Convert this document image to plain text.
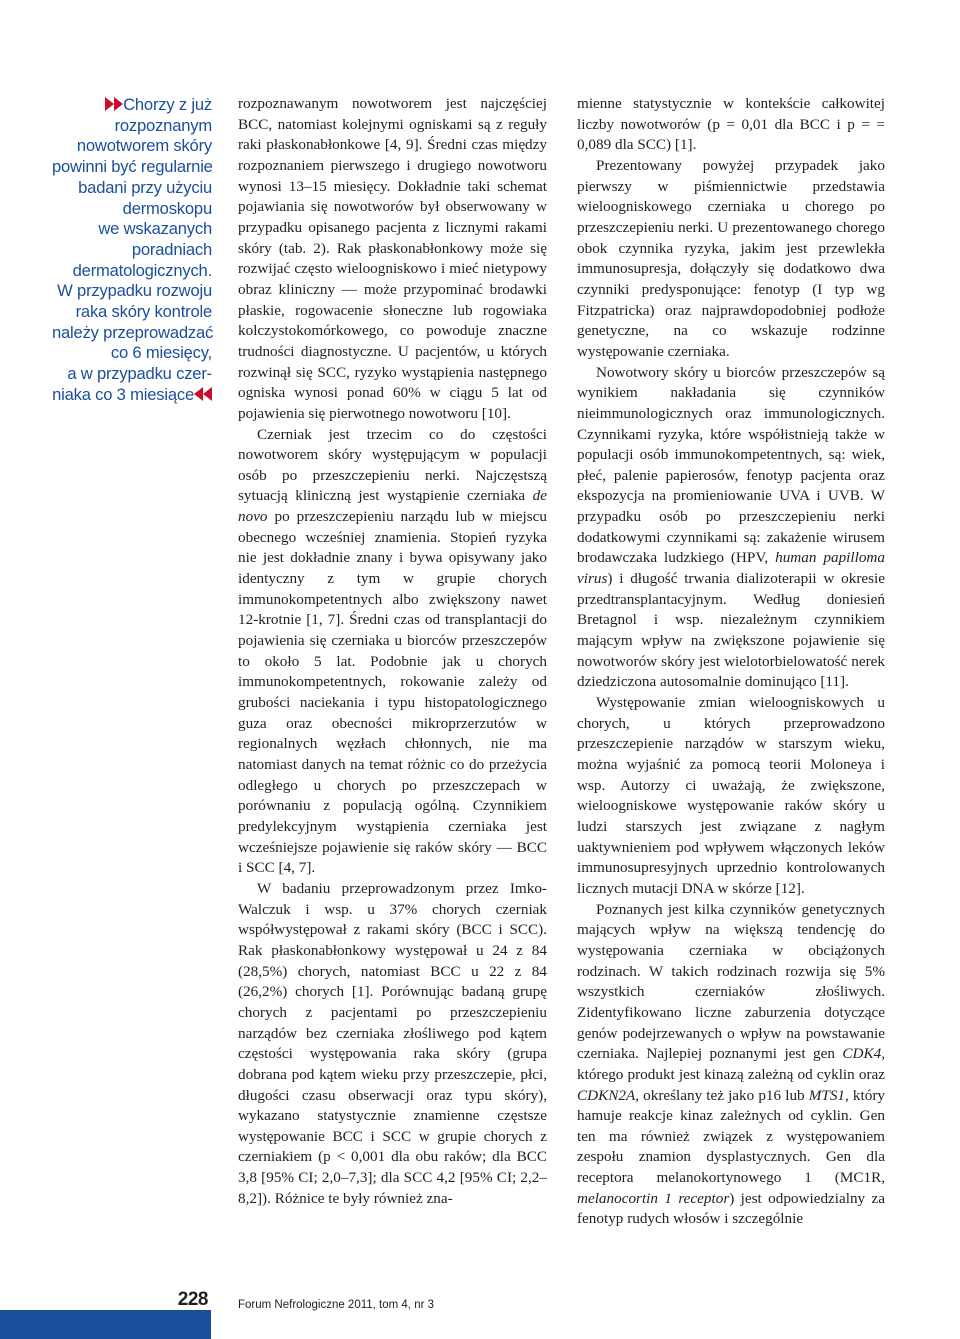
Chorzy z już
rozpoznanym
nowotworem skóry
powinni być regularnie
badani przy użyciu
dermoskopu
we wskazanych
poradniach
dermatologicznych.
W przypadku rozwoju
raka skóry kontrole
należy przeprowadzać
co 6 miesięcy,
a w przypadku czer-
niaka co 3 miesiące

rozpoznawanym nowotworem jest najczęściej BCC, natomiast kolejnymi ogniskami są z reguły raki płaskonabłonkowe [4, 9]. Średni czas między rozpoznaniem pierwszego i drugiego nowotworu wynosi 13–15 miesięcy. Dokładnie taki schemat pojawiania się nowotworów był obserwowany w przypadku opisanego pacjenta z licznymi rakami skóry (tab. 2). Rak płaskonabłonkowy może się rozwijać często wieloogniskowo i mieć nietypowy obraz kliniczny — może przypominać brodawki płaskie, rogowacenie słoneczne lub rogowiaka kolczystokomórkowego, co powoduje znaczne trudności diagnostyczne. U pacjentów, u których rozwinął się SCC, ryzyko wystąpienia następnego ogniska wynosi ponad 60% w ciągu 5 lat od pojawienia się pierwotnego nowotworu [10].

Czerniak jest trzecim co do częstości nowotworem skóry występującym w populacji osób po przeszczepieniu nerki. Najczęstszą sytuacją kliniczną jest wystąpienie czerniaka de novo po przeszczepieniu narządu lub w miejscu obecnego wcześniej znamienia. Stopień ryzyka nie jest dokładnie znany i bywa opisywany jako identyczny z tym w grupie chorych immunokompetentnych albo zwiększony nawet 12-krotnie [1, 7]. Średni czas od transplantacji do pojawienia się czerniaka u biorców przeszczepów to około 5 lat. Podobnie jak u chorych immunokompetentnych, rokowanie zależy od grubości naciekania i typu histopatologicznego guza oraz obecności mikroprzerzutów w regionalnych węzłach chłonnych, nie ma natomiast danych na temat różnic co do przeżycia odległego u chorych po przeszczepach w porównaniu z populacją ogólną. Czynnikiem predylekcyjnym wystąpienia czerniaka jest wcześniejsze pojawienie się raków skóry — BCC i SCC [4, 7].

W badaniu przeprowadzonym przez Imko-Walczuk i wsp. u 37% chorych czerniak współwystępował z rakami skóry (BCC i SCC). Rak płaskonabłonkowy występował u 24 z 84 (28,5%) chorych, natomiast BCC u 22 z 84 (26,2%) chorych [1]. Porównując badaną grupę chorych z pacjentami po przeszczepieniu narządów bez czerniaka złośliwego pod kątem częstości występowania raka skóry (grupa dobrana pod kątem wieku przy przeszczepie, płci, długości czasu obserwacji oraz typu skóry), wykazano statystycznie znamienne częstsze występowanie BCC i SCC w grupie chorych z czerniakiem (p < 0,001 dla obu raków; dla BCC 3,8 [95% CI; 2,0–7,3]; dla SCC 4,2 [95% CI; 2,2–8,2]). Różnice te były również zna-

mienne statystycznie w kontekście całkowitej liczby nowotworów (p = 0,01 dla BCC i p = = 0,089 dla SCC) [1].

Prezentowany powyżej przypadek jako pierwszy w piśmiennictwie przedstawia wieloogniskowego czerniaka u chorego po przeszczepieniu nerki. U prezentowanego chorego obok czynnika ryzyka, jakim jest przewlekła immunosupresja, dołączyły się dodatkowo dwa czynniki predysponujące: fenotyp (I typ wg Fitzpatricka) oraz najprawdopodobniej podłoże genetyczne, na co wskazuje rodzinne występowanie czerniaka.

Nowotwory skóry u biorców przeszczepów są wynikiem nakładania się czynników nieimmunologicznych oraz immunologicznych. Czynnikami ryzyka, które współistnieją także w populacji osób immunokompetentnych, są: wiek, płeć, palenie papierosów, fenotyp pacjenta oraz ekspozycja na promieniowanie UVA i UVB. W przypadku osób po przeszczepieniu nerki dodatkowymi czynnikami są: zakażenie wirusem brodawczaka ludzkiego (HPV, human papilloma virus) i długość trwania dializoterapii w okresie przedtransplantacyjnym. Według doniesień Bretagnol i wsp. niezależnym czynnikiem mającym wpływ na zwiększone pojawienie się nowotworów skóry jest wielotorbielowatość nerek dziedziczona autosomalnie dominująco [11].

Występowanie zmian wieloogniskowych u chorych, u których przeprowadzono przeszczepienie narządów w starszym wieku, można wyjaśnić za pomocą teorii Moloneya i wsp. Autorzy ci uważają, że zwiększone, wieloogniskowe występowanie raków skóry u ludzi starszych jest związane z nagłym uaktywnieniem pod wpływem włączonych leków immunosupresyjnych uprzednio kontrolowanych licznych mutacji DNA w skórze [12].

Poznanych jest kilka czynników genetycznych mających wpływ na większą tendencję do występowania czerniaka w obciążonych rodzinach. W takich rodzinach rozwija się 5% wszystkich czerniaków złośliwych. Zidentyfikowano liczne zaburzenia dotyczące genów podejrzewanych o wpływ na powstawanie czerniaka. Najlepiej poznanymi jest gen CDK4, którego produkt jest kinazą zależną od cyklin oraz CDKN2A, określany też jako p16 lub MTS1, który hamuje reakcje kinaz zależnych od cyklin. Gen ten ma również związek z występowaniem zespołu znamion dysplastycznych. Gen dla receptora melanokortynowego 1 (MC1R, melanocortin 1 receptor) jest odpowiedzialny za fenotyp rudych włosów i szczególnie

228	Forum Nefrologiczne 2011, tom 4, nr 3
